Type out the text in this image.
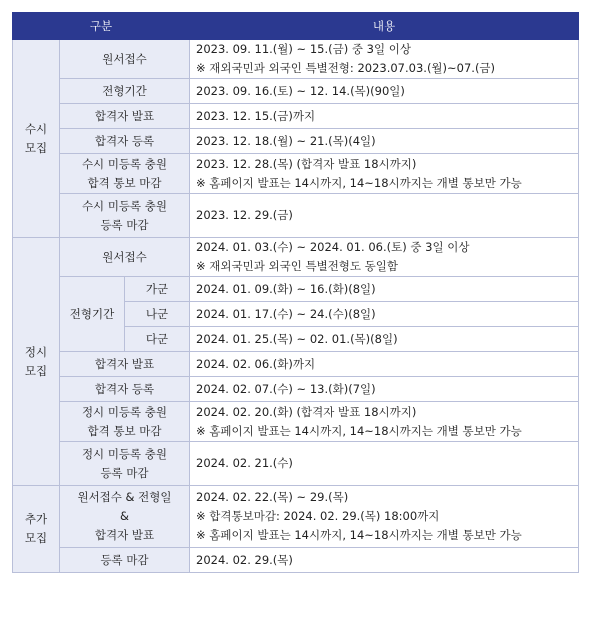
구분			내용

수시
모집	원서접수		2023. 09. 11.(월) ~ 15.(금) 중 3일 이상
※ 재외국민과 외국인 특별전형: 2023.07.03.(월)~07.(금)

	전형기간		2023. 09. 16.(토) ~ 12. 14.(목)(90일)

	합격자 발표		2023. 12. 15.(금)까지

	합격자 등록		2023. 12. 18.(월) ~ 21.(목)(4일)

	수시 미등록 충원
합격 통보 마감		2023. 12. 28.(목) (합격자 발표 18시까지)
※ 홈페이지 발표는 14시까지, 14~18시까지는 개별 통보만 가능

	수시 미등록 충원
등록 마감		2023. 12. 29.(금)

정시
모집	원서접수		2024. 01. 03.(수) ~ 2024. 01. 06.(토) 중 3일 이상
※ 재외국민과 외국인 특별전형도 동일함

	전형기간	가군	2024. 01. 09.(화) ~ 16.(화)(8일)

		나군	2024. 01. 17.(수) ~ 24.(수)(8일)

		다군	2024. 01. 25.(목) ~ 02. 01.(목)(8일)

	합격자 발표		2024. 02. 06.(화)까지

	합격자 등록		2024. 02. 07.(수) ~ 13.(화)(7일)

	정시 미등록 충원
합격 통보 마감		2024. 02. 20.(화) (합격자 발표 18시까지)
※ 홈페이지 발표는 14시까지, 14~18시까지는 개별 통보만 가능

	정시 미등록 충원
등록 마감		2024. 02. 21.(수)

추가
모집	원서접수 & 전형일
&
합격자 발표		2024. 02. 22.(목) ~ 29.(목)
※ 합격통보마감: 2024. 02. 29.(목) 18:00까지
※ 홈페이지 발표는 14시까지, 14~18시까지는 개별 통보만 가능

	등록 마감		2024. 02. 29.(목)
